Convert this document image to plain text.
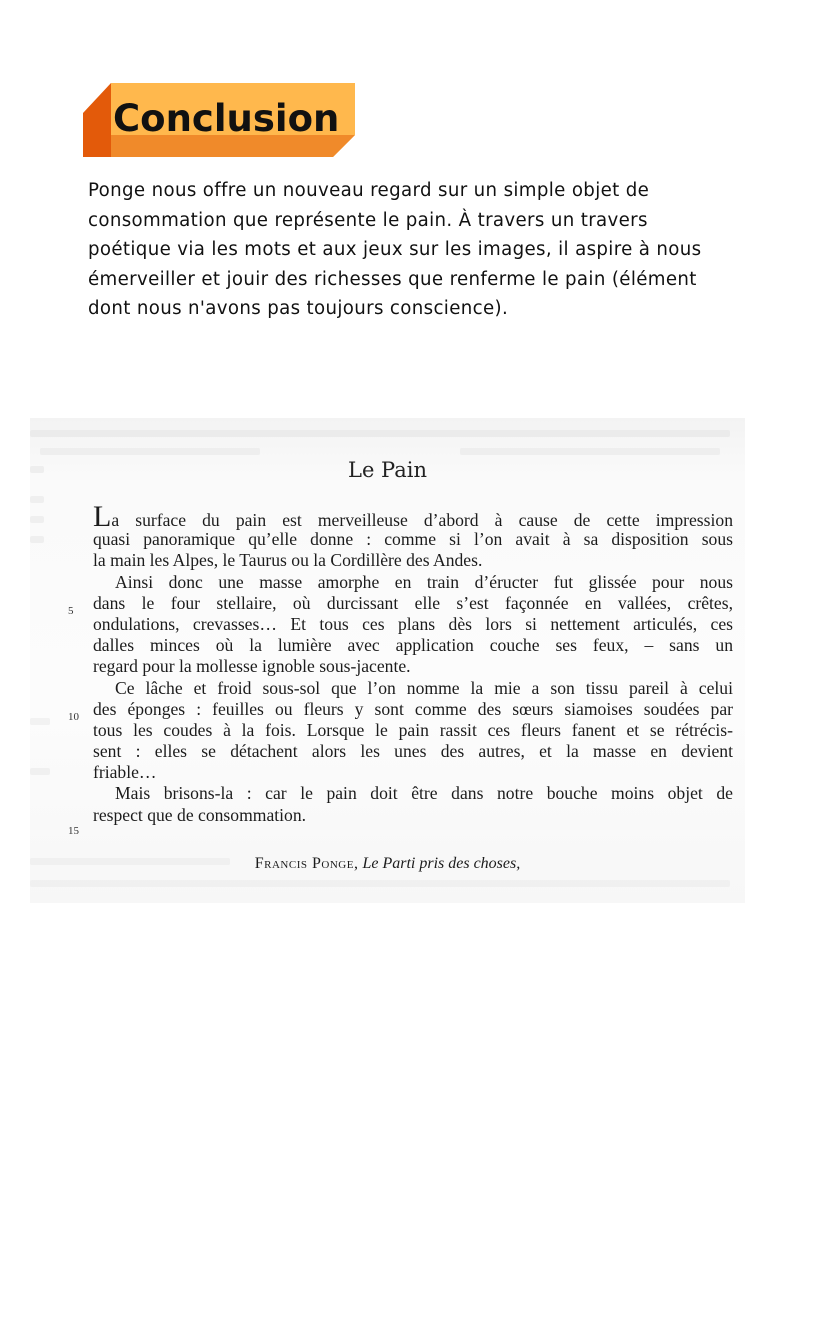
Conclusion
Ponge nous offre un nouveau regard sur un simple objet de
consommation que représente le pain. À travers un travers
poétique via les mots et aux jeux sur les images, il aspire à nous
émerveiller et jouir des richesses que renferme le pain (élément
dont nous n'avons pas toujours conscience).
Le Pain
La surface du pain est merveilleuse d’abord à cause de cette impression
quasi panoramique qu’elle donne : comme si l’on avait à sa disposition sous
la main les Alpes, le Taurus ou la Cordillère des Andes.
Ainsi donc une masse amorphe en train d’éructer fut glissée pour nous
dans le four stellaire, où durcissant elle s’est façonnée en vallées, crêtes,
ondulations, crevasses… Et tous ces plans dès lors si nettement articulés, ces
dalles minces où la lumière avec application couche ses feux, – sans un
regard pour la mollesse ignoble sous-jacente.
Ce lâche et froid sous-sol que l’on nomme la mie a son tissu pareil à celui
des éponges : feuilles ou fleurs y sont comme des sœurs siamoises soudées par
tous les coudes à la fois. Lorsque le pain rassit ces fleurs fanent et se rétrécis-
sent : elles se détachent alors les unes des autres, et la masse en devient
friable…
Mais brisons-la : car le pain doit être dans notre bouche moins objet de
respect que de consommation.
5
10
15
Francis Ponge, Le Parti pris des choses,
